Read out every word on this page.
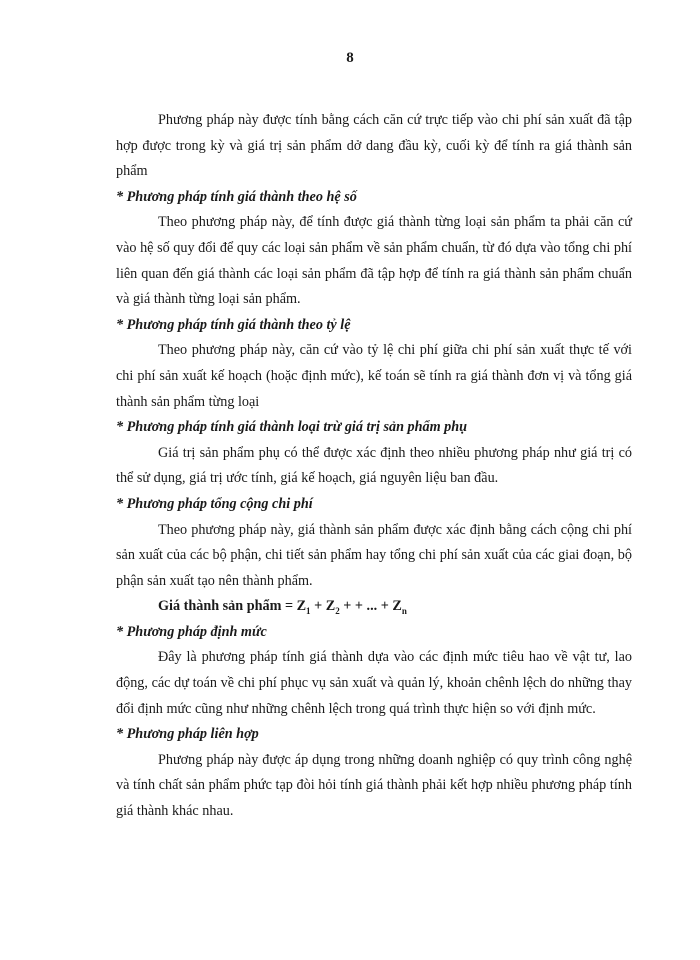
8

Phương pháp này được tính bằng cách căn cứ trực tiếp vào chi phí sản xuất đã tập hợp được trong kỳ và giá trị sản phẩm dở dang đầu kỳ, cuối kỳ để tính ra giá thành sản phẩm

* Phương pháp tính giá thành theo hệ số

Theo phương pháp này, để tính được giá thành từng loại sản phẩm ta phải căn cứ vào hệ số quy đổi để quy các loại sản phẩm về sản phẩm chuẩn, từ đó dựa vào tổng chi phí liên quan đến giá thành các loại sản phẩm đã tập hợp để tính ra giá thành sản phẩm chuẩn và giá thành từng loại sản phẩm.

* Phương pháp tính giá thành theo tỷ lệ

Theo phương pháp này, căn cứ vào tỷ lệ chi phí giữa chi phí sản xuất thực tế với chi phí sản xuất kế hoạch (hoặc định mức), kế toán sẽ tính ra giá thành đơn vị và tổng giá thành sản phẩm từng loại

* Phương pháp tính giá thành loại trừ giá trị sản phẩm phụ

Giá trị sản phẩm phụ có thể được xác định theo nhiều phương pháp như giá trị có thể sử dụng, giá trị ước tính, giá kế hoạch, giá nguyên liệu ban đầu.

* Phương pháp tổng cộng chi phí

Theo phương pháp này, giá thành sản phẩm được xác định bằng cách cộng chi phí sản xuất của các bộ phận, chi tiết sản phẩm hay tổng chi phí sản xuất của các giai đoạn, bộ phận sản xuất tạo nên thành phẩm.

Giá thành sản phẩm = $Z_1 + Z_2$ + + ... + $Z_n$
* Phương pháp định mức

Đây là phương pháp tính giá thành dựa vào các định mức tiêu hao về vật tư, lao động, các dự toán về chi phí phục vụ sản xuất và quản lý, khoản chênh lệch do những thay đổi định mức cũng như những chênh lệch trong quá trình thực hiện so với định mức.

* Phương pháp liên hợp

Phương pháp này được áp dụng trong những doanh nghiệp có quy trình công nghệ và tính chất sản phẩm phức tạp đòi hỏi tính giá thành phải kết hợp nhiều phương pháp tính giá thành khác nhau.
